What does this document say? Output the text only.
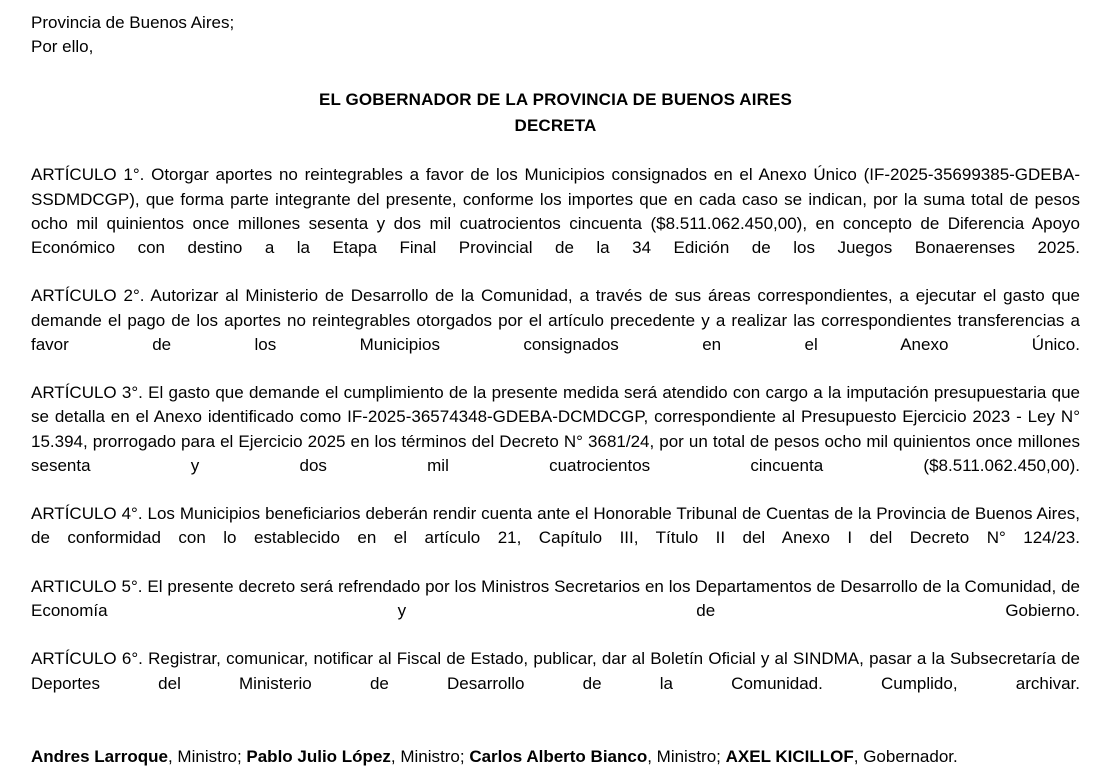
Provincia de Buenos Aires;
Por ello,
EL GOBERNADOR DE LA PROVINCIA DE BUENOS AIRES
DECRETA

ARTÍCULO 1°. Otorgar aportes no reintegrables a favor de los Municipios consignados en el Anexo Único (IF-2025-35699385-GDEBA-SSDMDCGP), que forma parte integrante del presente, conforme los importes que en cada caso se indican, por la suma total de pesos ocho mil quinientos once millones sesenta y dos mil cuatrocientos cincuenta ($8.511.062.450,00), en concepto de Diferencia Apoyo Económico con destino a la Etapa Final Provincial de la 34 Edición de los Juegos Bonaerenses 2025.

ARTÍCULO 2°. Autorizar al Ministerio de Desarrollo de la Comunidad, a través de sus áreas correspondientes, a ejecutar el gasto que demande el pago de los aportes no reintegrables otorgados por el artículo precedente y a realizar las correspondientes transferencias a favor de los Municipios consignados en el Anexo Único.

ARTÍCULO 3°. El gasto que demande el cumplimiento de la presente medida será atendido con cargo a la imputación presupuestaria que se detalla en el Anexo identificado como IF-2025-36574348-GDEBA-DCMDCGP, correspondiente al Presupuesto Ejercicio 2023 - Ley N° 15.394, prorrogado para el Ejercicio 2025 en los términos del Decreto N° 3681/24, por un total de pesos ocho mil quinientos once millones sesenta y dos mil cuatrocientos cincuenta ($8.511.062.450,00).

ARTÍCULO 4°. Los Municipios beneficiarios deberán rendir cuenta ante el Honorable Tribunal de Cuentas de la Provincia de Buenos Aires, de conformidad con lo establecido en el artículo 21, Capítulo III, Título II del Anexo I del Decreto N° 124/23.

ARTICULO 5°. El presente decreto será refrendado por los Ministros Secretarios en los Departamentos de Desarrollo de la Comunidad, de Economía y de Gobierno.

ARTÍCULO 6°. Registrar, comunicar, notificar al Fiscal de Estado, publicar, dar al Boletín Oficial y al SINDMA, pasar a la Subsecretaría de Deportes del Ministerio de Desarrollo de la Comunidad. Cumplido, archivar.

Andres Larroque, Ministro; Pablo Julio López, Ministro; Carlos Alberto Bianco, Ministro; AXEL KICILLOF, Gobernador.
